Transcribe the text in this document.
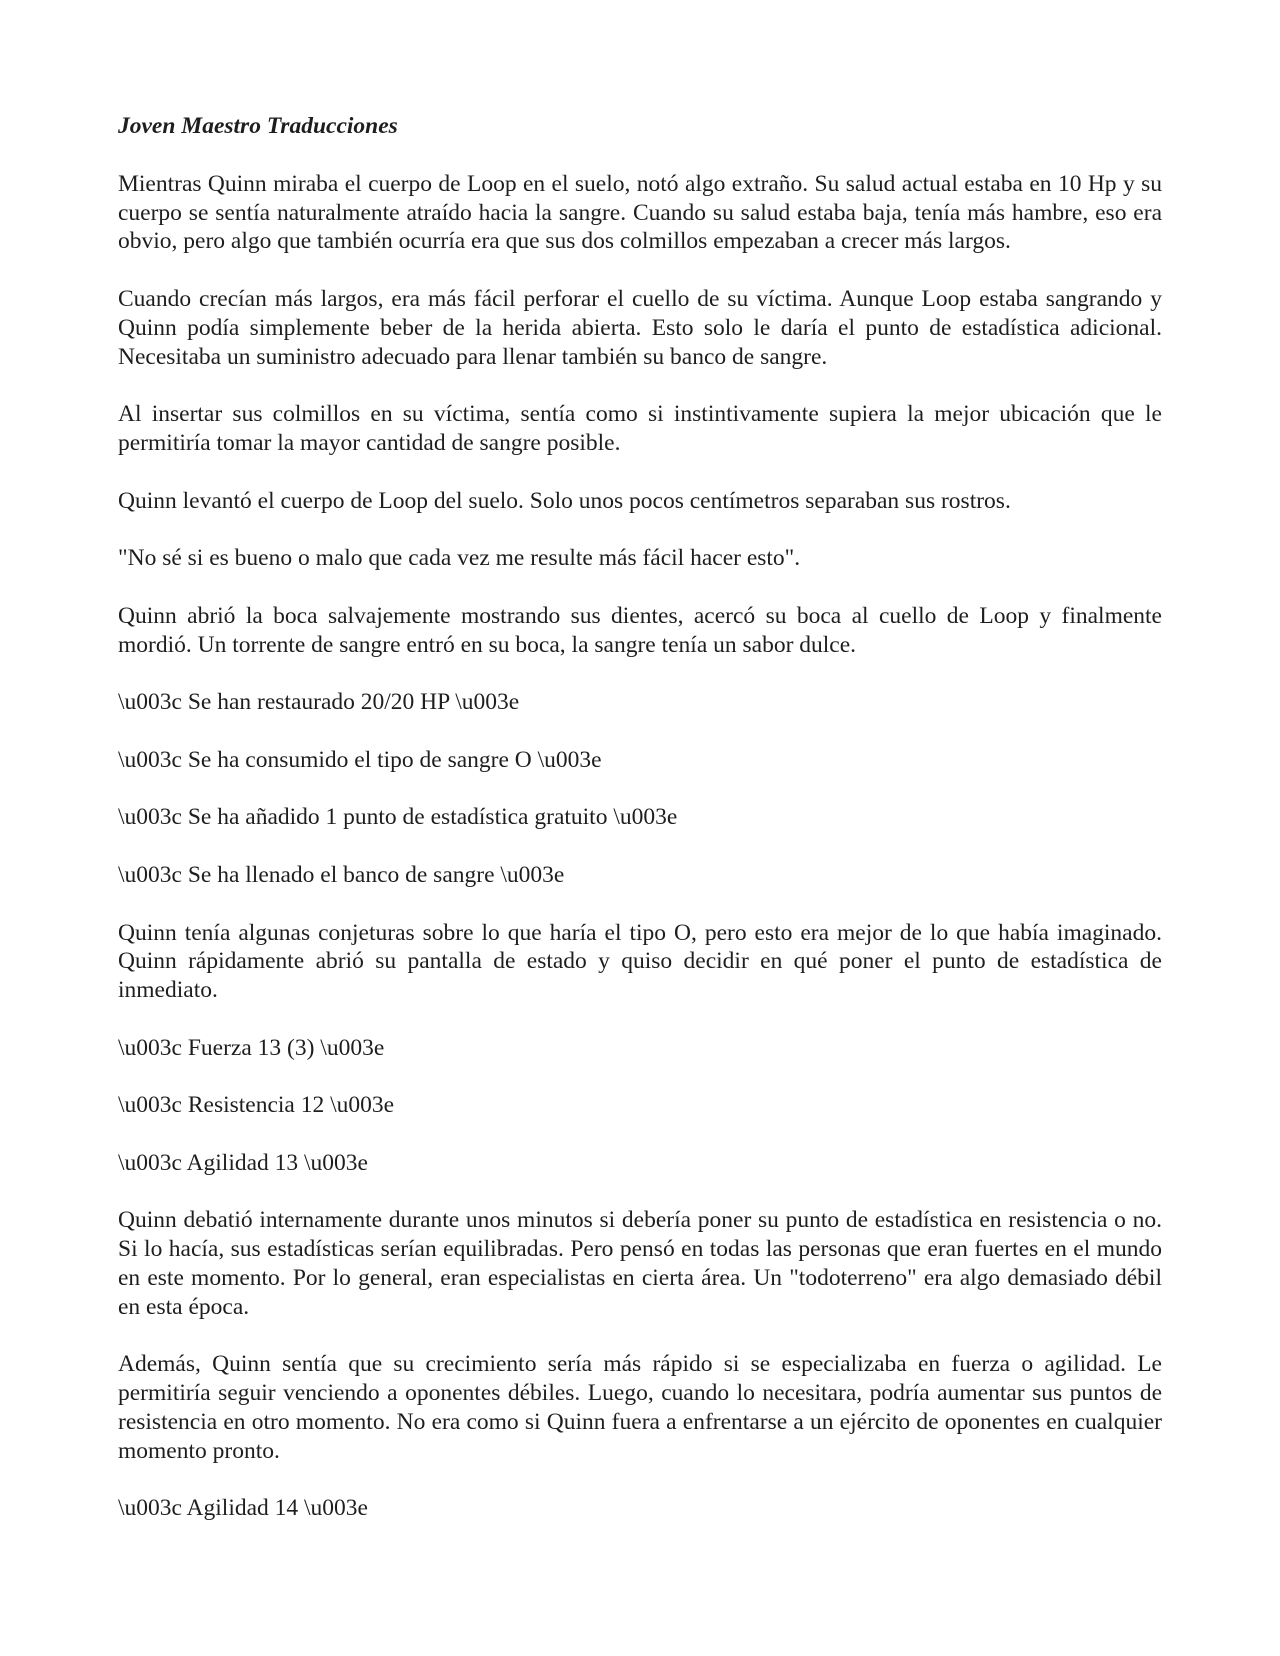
Joven Maestro Traducciones

Mientras Quinn miraba el cuerpo de Loop en el suelo, notó algo extraño. Su salud actual estaba en 10 Hp y su cuerpo se sentía naturalmente atraído hacia la sangre. Cuando su salud estaba baja, tenía más hambre, eso era obvio, pero algo que también ocurría era que sus dos colmillos empezaban a crecer más largos.

Cuando crecían más largos, era más fácil perforar el cuello de su víctima. Aunque Loop estaba sangrando y Quinn podía simplemente beber de la herida abierta. Esto solo le daría el punto de estadística adicional. Necesitaba un suministro adecuado para llenar también su banco de sangre.

Al insertar sus colmillos en su víctima, sentía como si instintivamente supiera la mejor ubicación que le permitiría tomar la mayor cantidad de sangre posible.

Quinn levantó el cuerpo de Loop del suelo. Solo unos pocos centímetros separaban sus rostros.

"No sé si es bueno o malo que cada vez me resulte más fácil hacer esto".

Quinn abrió la boca salvajemente mostrando sus dientes, acercó su boca al cuello de Loop y finalmente mordió. Un torrente de sangre entró en su boca, la sangre tenía un sabor dulce.

\u003c Se han restaurado 20/20 HP \u003e

\u003c Se ha consumido el tipo de sangre O \u003e

\u003c Se ha añadido 1 punto de estadística gratuito \u003e

\u003c Se ha llenado el banco de sangre \u003e

Quinn tenía algunas conjeturas sobre lo que haría el tipo O, pero esto era mejor de lo que había imaginado. Quinn rápidamente abrió su pantalla de estado y quiso decidir en qué poner el punto de estadística de inmediato.

\u003c Fuerza 13 (3) \u003e

\u003c Resistencia 12 \u003e

\u003c Agilidad 13 \u003e

Quinn debatió internamente durante unos minutos si debería poner su punto de estadística en resistencia o no. Si lo hacía, sus estadísticas serían equilibradas. Pero pensó en todas las personas que eran fuertes en el mundo en este momento. Por lo general, eran especialistas en cierta área. Un "todoterreno" era algo demasiado débil en esta época.

Además, Quinn sentía que su crecimiento sería más rápido si se especializaba en fuerza o agilidad. Le permitiría seguir venciendo a oponentes débiles. Luego, cuando lo necesitara, podría aumentar sus puntos de resistencia en otro momento. No era como si Quinn fuera a enfrentarse a un ejército de oponentes en cualquier momento pronto.

\u003c Agilidad 14 \u003e
